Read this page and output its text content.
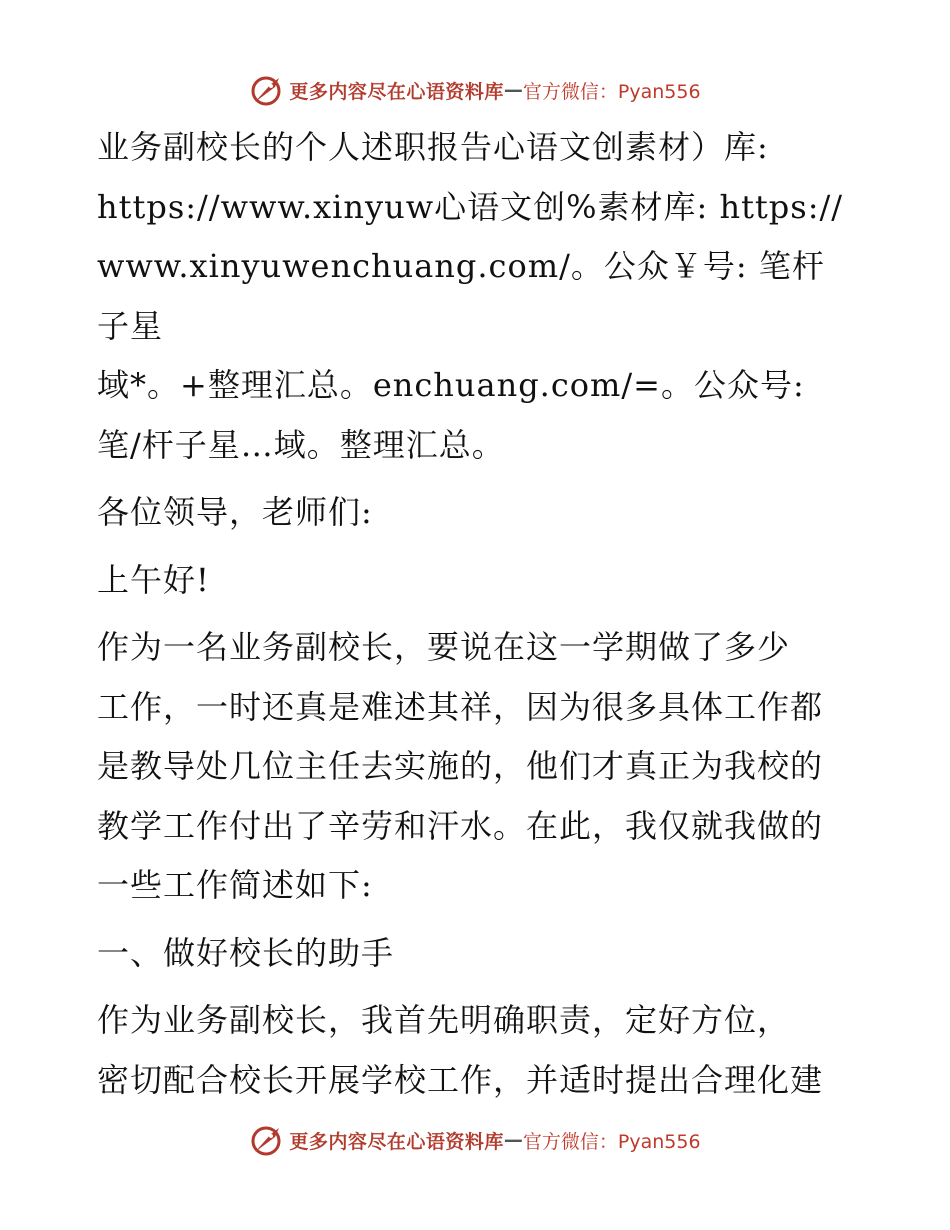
更多内容尽在心语资料库 — 官方微信：Pyan556

业务副校长的个人述职报告心语文创素材）库:

https://www.xinyuw心语文创%素材库: https://

www.xinyuwenchuang.com/。公众￥号: 笔杆子星

域*。+整理汇总。enchuang.com/=。公众号:

笔/杆子星…域。整理汇总。

各位领导，老师们:

上午好!

作为一名业务副校长，要说在这一学期做了多少

工作，一时还真是难述其祥，因为很多具体工作都

是教导处几位主任去实施的，他们才真正为我校的

教学工作付出了辛劳和汗水。在此，我仅就我做的

一些工作简述如下:

一、做好校长的助手

作为业务副校长，我首先明确职责，定好方位，

密切配合校长开展学校工作，并适时提出合理化建

更多内容尽在心语资料库 — 官方微信：Pyan556
